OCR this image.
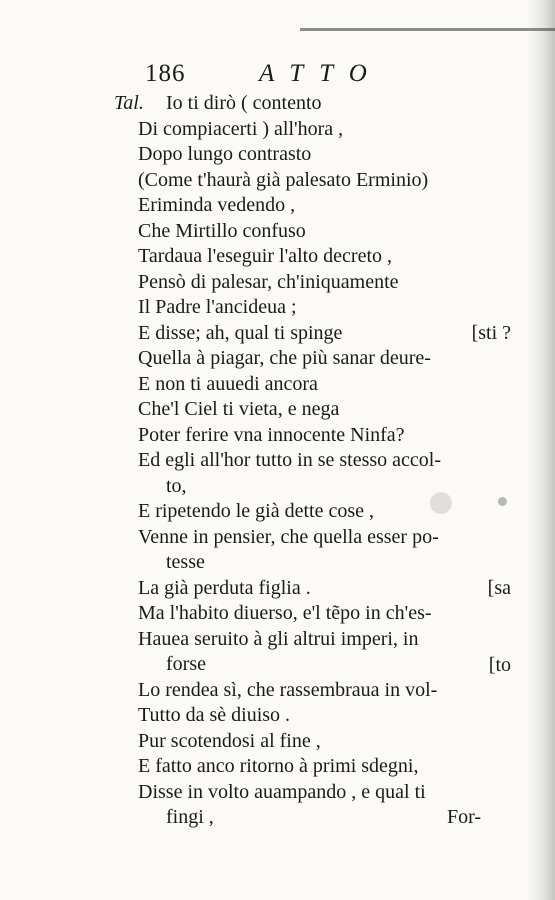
186	ATTO
Tal. Io ti dirò ( contento
Di compiacerti ) all'hora ,
Dopo lungo contrasto
(Come t'haurà già palesato Erminio)
Eriminda vedendo ,
Che Mirtillo confuso
Tardaua l'eseguir l'alto decreto ,
Pensò di palesar, ch'iniquamente
Il Padre l'ancideua ;
E disse; ah, qual ti spinge	[sti ?
Quella à piagar, che più sanar deure-
E non ti auuedi ancora
Che'l Ciel ti vieta, e nega
Poter ferire vna innocente Ninfa?
Ed egli all'hor tutto in se stesso accol-
to,
E ripetendo le già dette cose ,
Venne in pensier, che quella esser po-
tesse
La già perduta figlia .	[sa
Ma l'habito diuerso, e'l tẽpo in ch'es-
Hauea seruito à gli altrui imperi, in
forse	[to
Lo rendea sì, che rassembraua in vol-
Tutto da sè diuiso .
Pur scotendosi al fine ,
E fatto anco ritorno à primi sdegni,
Disse in volto auampando , e qual ti
fingi ,	For-
